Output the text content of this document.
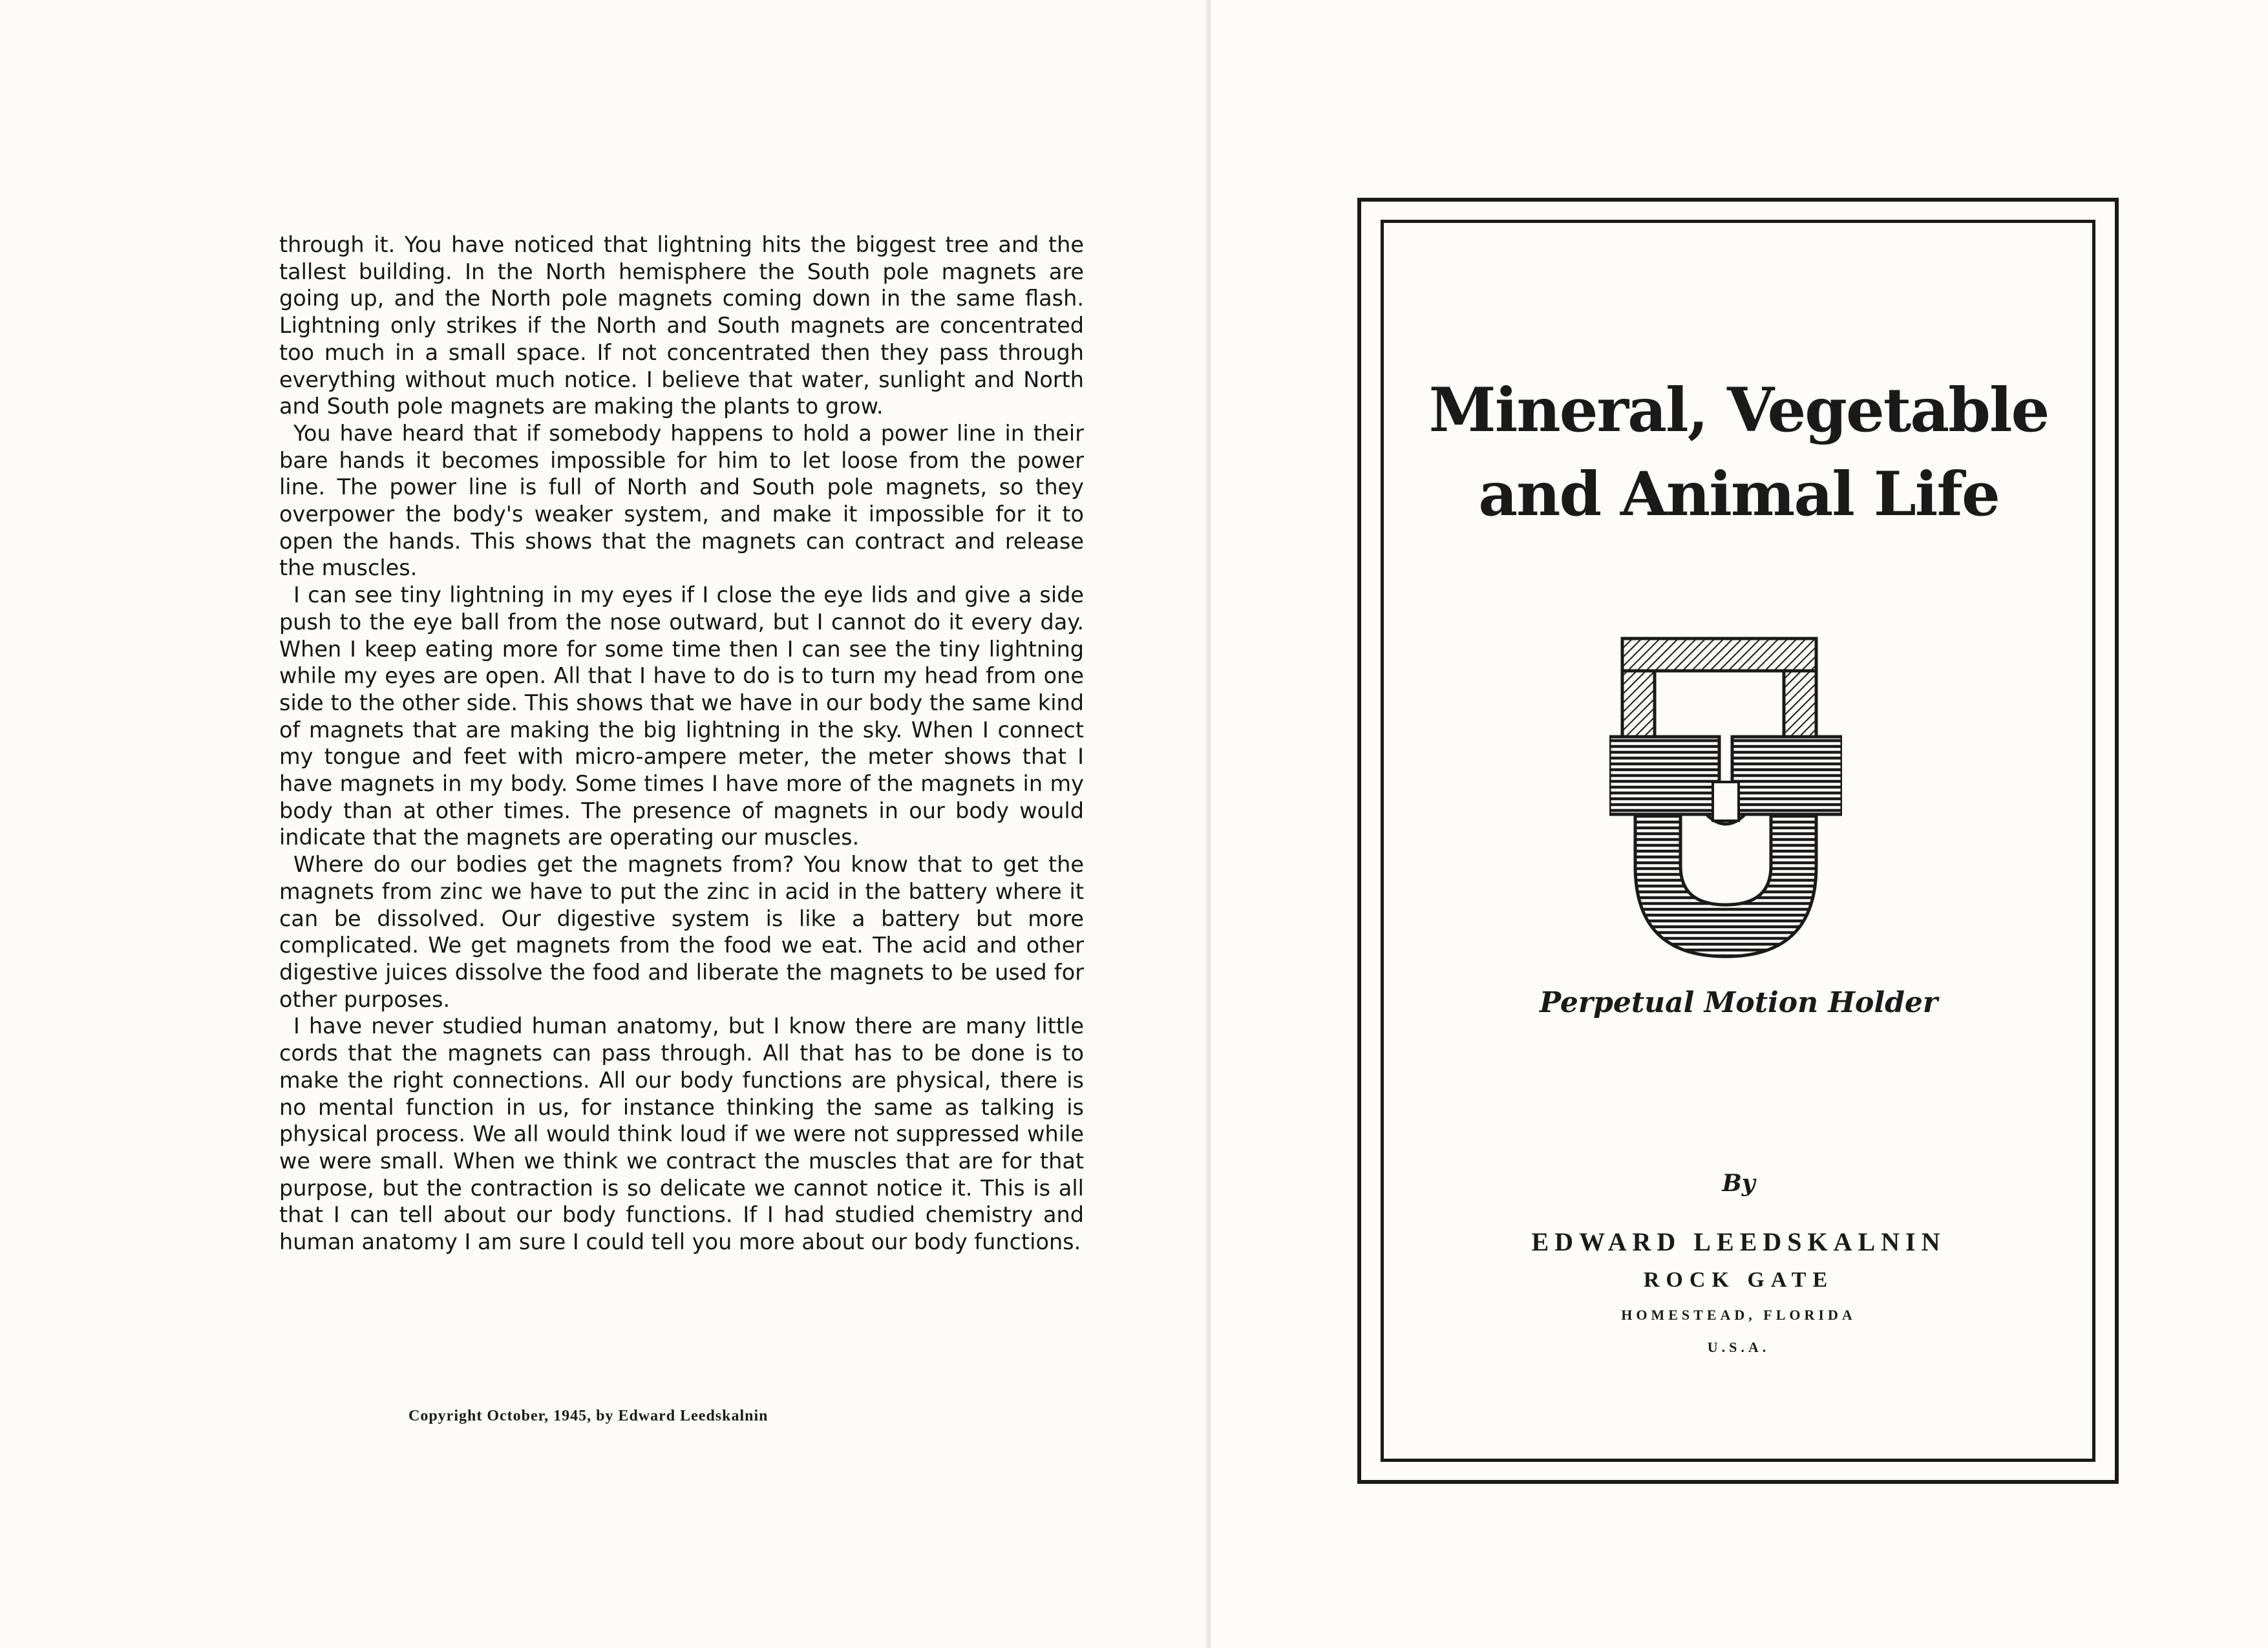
through it. You have noticed that lightning hits the biggest tree and the tallest building. In the North hemisphere the South pole magnets are going up, and the North pole magnets coming down in the same flash. Lightning only strikes if the North and South magnets are concentrated too much in a small space. If not concentrated then they pass through everything without much notice. I believe that water, sunlight and North and South pole magnets are making the plants to grow.

You have heard that if somebody happens to hold a power line in their bare hands it becomes impossible for him to let loose from the power line. The power line is full of North and South pole magnets, so they overpower the body's weaker system, and make it impossible for it to open the hands. This shows that the magnets can contract and release the muscles.

I can see tiny lightning in my eyes if I close the eye lids and give a side push to the eye ball from the nose outward, but I cannot do it every day. When I keep eating more for some time then I can see the tiny lightning while my eyes are open. All that I have to do is to turn my head from one side to the other side. This shows that we have in our body the same kind of magnets that are making the big lightning in the sky. When I connect my tongue and feet with micro-ampere meter, the meter shows that I have magnets in my body. Some times I have more of the magnets in my body than at other times. The presence of magnets in our body would indicate that the magnets are operating our muscles.

Where do our bodies get the magnets from? You know that to get the magnets from zinc we have to put the zinc in acid in the battery where it can be dissolved. Our digestive system is like a battery but more complicated. We get magnets from the food we eat. The acid and other digestive juices dissolve the food and liberate the magnets to be used for other purposes.

I have never studied human anatomy, but I know there are many little cords that the magnets can pass through. All that has to be done is to make the right connections. All our body functions are physical, there is no mental function in us, for instance thinking the same as talking is physical process. We all would think loud if we were not suppressed while we were small. When we think we contract the muscles that are for that purpose, but the contraction is so delicate we cannot notice it. This is all that I can tell about our body functions. If I had studied chemistry and human anatomy I am sure I could tell you more about our body functions.

Copyright October, 1945, by Edward Leedskalnin
Mineral, Vegetable
and Animal Life
Perpetual Motion Holder
By
EDWARD LEEDSKALNIN
ROCK GATE
HOMESTEAD, FLORIDA
U.S.A.
